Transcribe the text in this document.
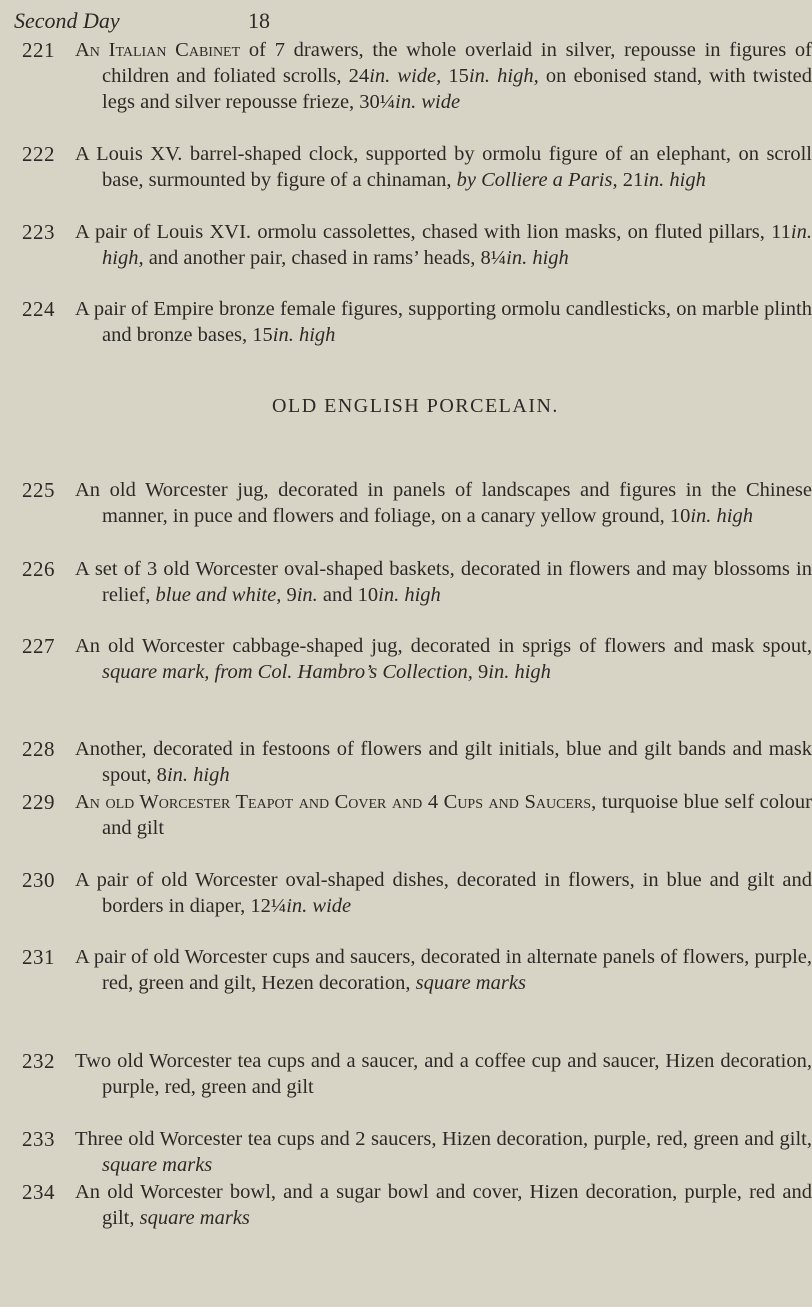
Second Day	18
OLD ENGLISH PORCELAIN.
221 An Italian Cabinet of 7 drawers, the whole overlaid in silver, repousse in figures of children and foliated scrolls, 24in. wide, 15in. high, on ebonised stand, with twisted legs and silver repousse frieze, 30¼in. wide
222 A Louis XV. barrel-shaped clock, supported by ormolu figure of an elephant, on scroll base, surmounted by figure of a chinaman, by Colliere a Paris, 21in. high
223 A pair of Louis XVI. ormolu cassolettes, chased with lion masks, on fluted pillars, 11in. high, and another pair, chased in rams’ heads, 8¼in. high
224 A pair of Empire bronze female figures, supporting ormolu candlesticks, on marble plinth and bronze bases, 15in. high
225 An old Worcester jug, decorated in panels of landscapes and figures in the Chinese manner, in puce and flowers and foliage, on a canary yellow ground, 10in. high
226 A set of 3 old Worcester oval-shaped baskets, decorated in flowers and may blossoms in relief, blue and white, 9in. and 10in. high
227 An old Worcester cabbage-shaped jug, decorated in sprigs of flowers and mask spout, square mark, from Col. Hambro’s Collection, 9in. high
228 Another, decorated in festoons of flowers and gilt initials, blue and gilt bands and mask spout, 8in. high
229 An old Worcester Teapot and Cover and 4 Cups and Saucers, turquoise blue self colour and gilt
230 A pair of old Worcester oval-shaped dishes, decorated in flowers, in blue and gilt and borders in diaper, 12¼in. wide
231 A pair of old Worcester cups and saucers, decorated in alternate panels of flowers, purple, red, green and gilt, Hezen decoration, square marks
232 Two old Worcester tea cups and a saucer, and a coffee cup and saucer, Hizen decoration, purple, red, green and gilt
233 Three old Worcester tea cups and 2 saucers, Hizen decoration, purple, red, green and gilt, square marks
234 An old Worcester bowl, and a sugar bowl and cover, Hizen decoration, purple, red and gilt, square marks
